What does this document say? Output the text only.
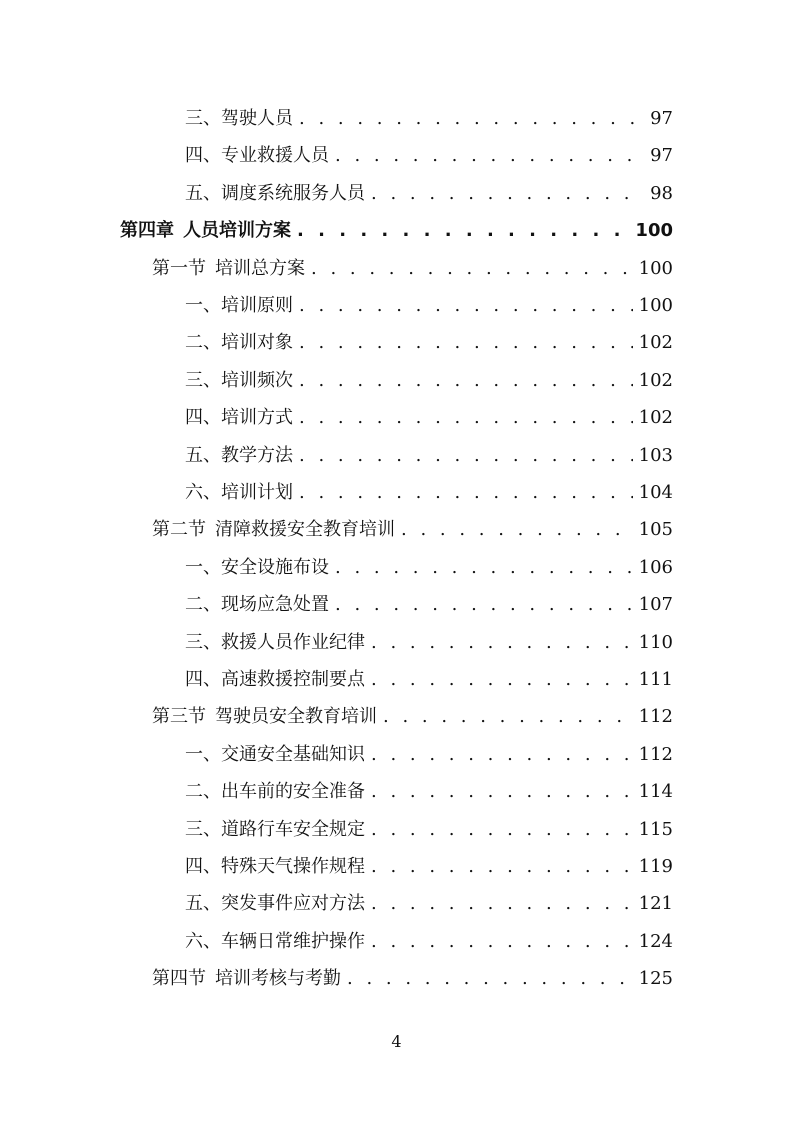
三、驾驶人员 . . .	97
四、专业救援人员 . . .	97
五、调度系统服务人员 . . .	98
第四章 人员培训方案 . . .	100
第一节 培训总方案 . . .	100
一、培训原则 . . .	100
二、培训对象 . . .	102
三、培训频次 . . .	102
四、培训方式 . . .	102
五、教学方法 . . .	103
六、培训计划 . . .	104
第二节 清障救援安全教育培训 . . .	105
一、安全设施布设 . . .	106
二、现场应急处置 . . .	107
三、救援人员作业纪律 . . .	110
四、高速救援控制要点 . . .	111
第三节 驾驶员安全教育培训 . . .	112
一、交通安全基础知识 . . .	112
二、出车前的安全准备 . . .	114
三、道路行车安全规定 . . .	115
四、特殊天气操作规程 . . .	119
五、突发事件应对方法 . . .	121
六、车辆日常维护操作 . . .	124
第四节 培训考核与考勤 . . .	125
4
